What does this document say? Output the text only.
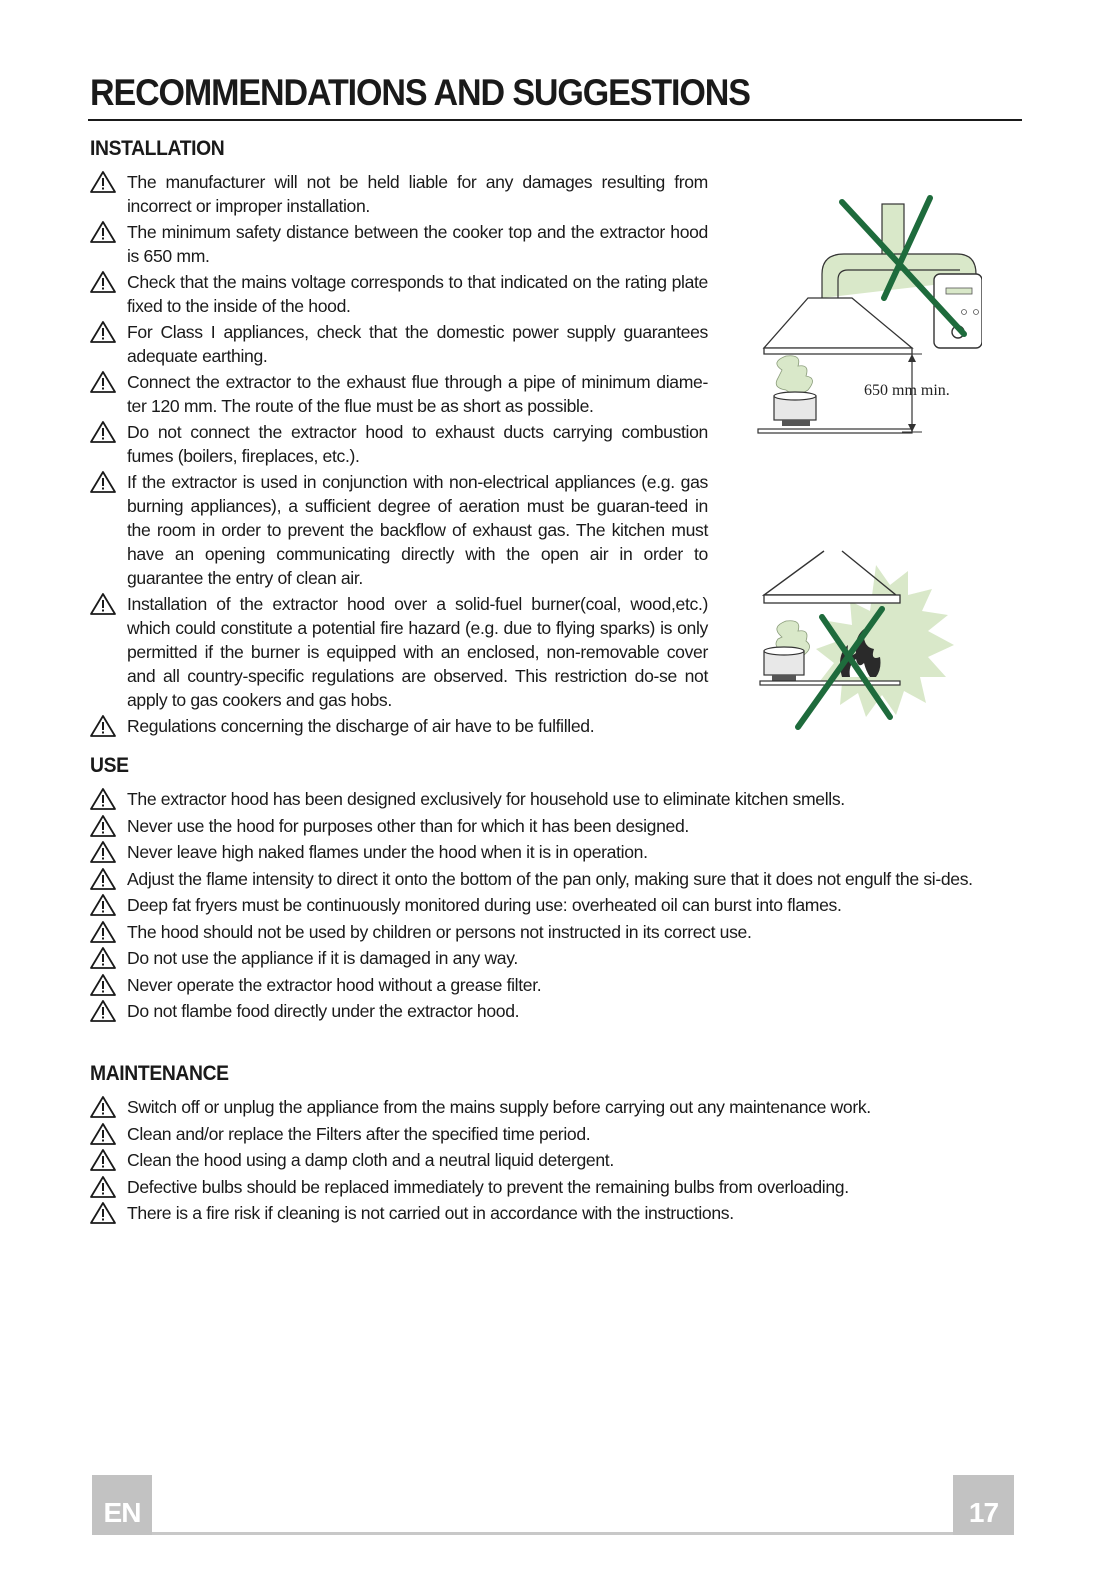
RECOMMENDATIONS AND SUGGESTIONS
INSTALLATION
The manufacturer will not be held liable for any damages resulting from incorrect or improper installation.
The minimum safety distance between the cooker top and the extractor hood is 650 mm.
Check that the mains voltage corresponds to that indicated on the rating plate fixed to the inside of the hood.
For Class I appliances, check that the domestic power supply guarantees adequate earthing.
Connect the extractor to the exhaust flue through a pipe of minimum diame-ter 120 mm. The route of the flue must be as short as possible.
Do not connect the extractor hood to exhaust ducts carrying combustion fumes (boilers, fireplaces, etc.).
If the extractor is used in conjunction with non-electrical appliances (e.g. gas burning appliances), a sufficient degree of aeration must be guaran-teed in the room in order to prevent the backflow of exhaust gas. The kitchen must have an opening communicating directly with the open air in order to guarantee the entry of clean air.
Installation of the extractor hood over a solid-fuel burner(coal, wood,etc.) which could constitute a potential fire hazard (e.g. due to flying sparks) is only permitted if the burner is equipped with an enclosed, non-removable cover and all country-specific regulations are observed. This restriction do-se not apply to gas cookers and gas hobs.
Regulations concerning the discharge of air have to be fulfilled.
650 mm min.
USE
The extractor hood has been designed exclusively for household use to eliminate kitchen smells.
Never use the hood for purposes other than for which it has been designed.
Never leave high naked flames under the hood when it is in operation.
Adjust the flame intensity to direct it onto the bottom of the pan only, making sure that it does not engulf the si-des.
Deep fat fryers must be continuously monitored during use: overheated oil can burst into flames.
The hood should not be used by children or persons not instructed in its correct use.
Do not use the appliance if it is damaged in any way.
Never operate the extractor hood without a grease filter.
Do not flambe food directly under the extractor hood.
MAINTENANCE
Switch off or unplug the appliance from the mains supply before carrying out any maintenance work.
Clean and/or replace the Filters after the specified time period.
Clean the hood using a damp cloth and a neutral liquid detergent.
Defective bulbs should be replaced immediately to prevent the remaining bulbs from overloading.
There is a fire risk if cleaning is not carried out in accordance with the instructions.
EN	17
